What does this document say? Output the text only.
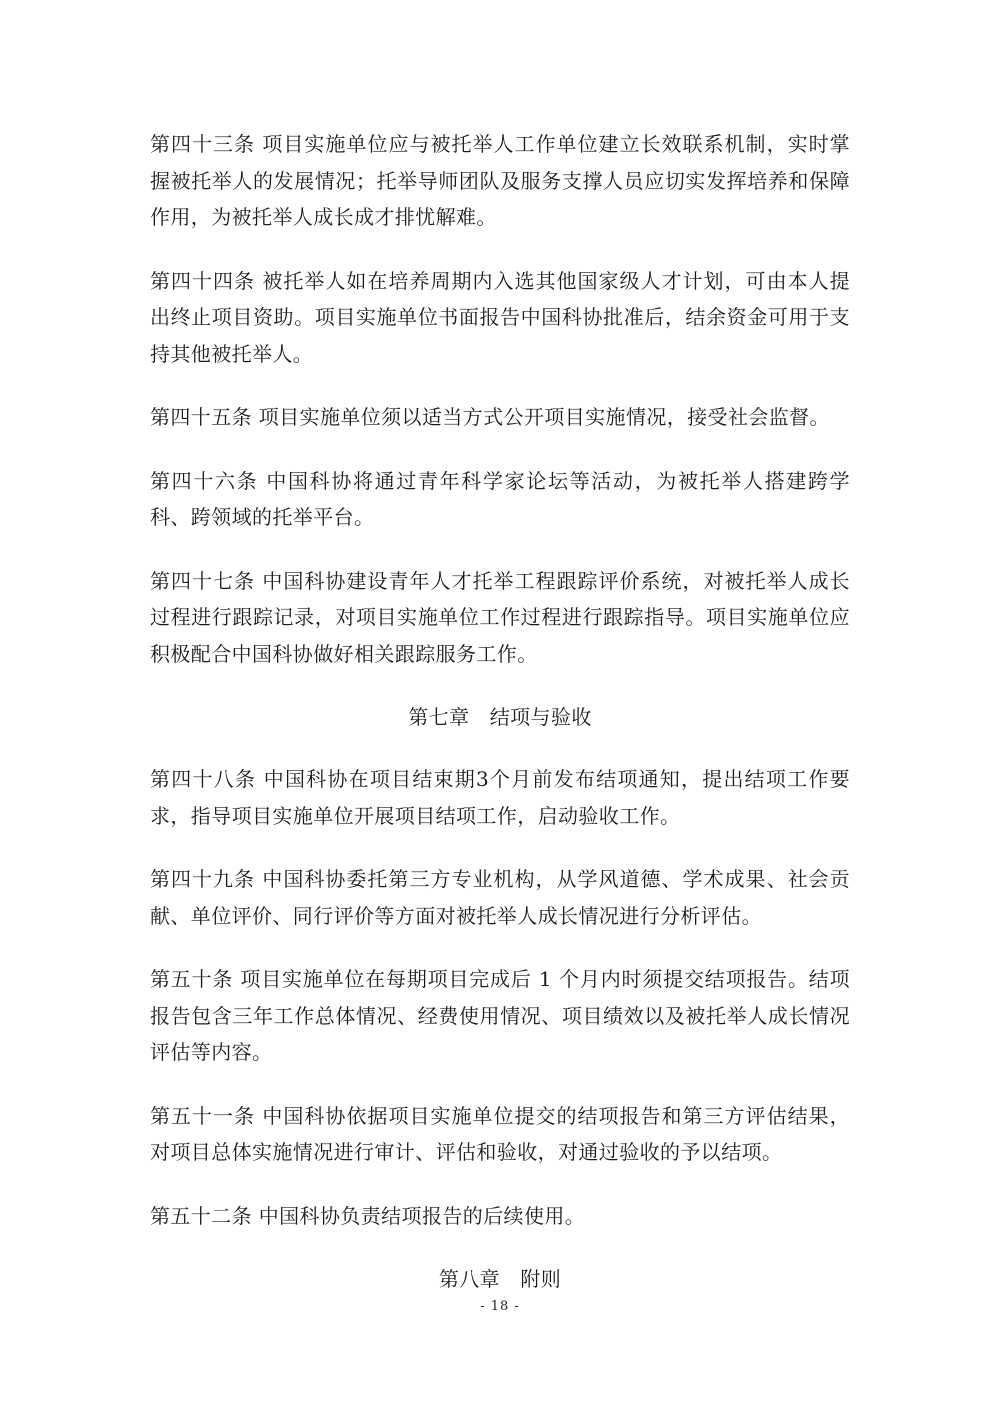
第四十三条 项目实施单位应与被托举人工作单位建立长效联系机制，实时掌握被托举人的发展情况；托举导师团队及服务支撑人员应切实发挥培养和保障作用，为被托举人成长成才排忧解难。

第四十四条 被托举人如在培养周期内入选其他国家级人才计划，可由本人提出终止项目资助。项目实施单位书面报告中国科协批准后，结余资金可用于支持其他被托举人。

第四十五条 项目实施单位须以适当方式公开项目实施情况，接受社会监督。

第四十六条 中国科协将通过青年科学家论坛等活动，为被托举人搭建跨学科、跨领域的托举平台。

第四十七条 中国科协建设青年人才托举工程跟踪评价系统，对被托举人成长过程进行跟踪记录，对项目实施单位工作过程进行跟踪指导。项目实施单位应积极配合中国科协做好相关跟踪服务工作。

第七章   结项与验收

第四十八条 中国科协在项目结束期3个月前发布结项通知，提出结项工作要求，指导项目实施单位开展项目结项工作，启动验收工作。

第四十九条 中国科协委托第三方专业机构，从学风道德、学术成果、社会贡献、单位评价、同行评价等方面对被托举人成长情况进行分析评估。

第五十条 项目实施单位在每期项目完成后 1 个月内时须提交结项报告。结项报告包含三年工作总体情况、经费使用情况、项目绩效以及被托举人成长情况评估等内容。

第五十一条 中国科协依据项目实施单位提交的结项报告和第三方评估结果，对项目总体实施情况进行审计、评估和验收，对通过验收的予以结项。

第五十二条 中国科协负责结项报告的后续使用。

第八章   附则
- 18 -
